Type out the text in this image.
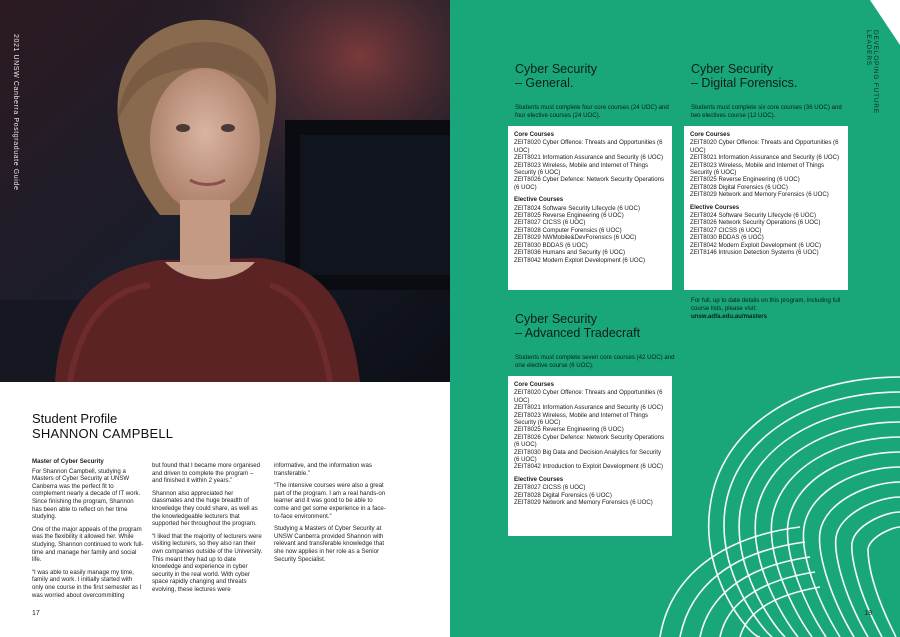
2021 UNSW Canberra Postgraduate Guide
Student Profile
SHANNON CAMPBELL
Master of Cyber Security

For Shannon Campbell, studying a Masters of Cyber Security at UNSW Canberra was the perfect fit to complement nearly a decade of IT work. Since finishing the program, Shannon has been able to reflect on her time studying.

One of the major appeals of the program was the flexibility it allowed her. While studying, Shannon continued to work full-time and manage her family and social life.

“I was able to easily manage my time, family and work. I initially started with only one course in the first semester as I was worried about overcommitting

but found that I became more organised and driven to complete the program – and finished it within 2 years.”

Shannon also appreciated her classmates and the huge breadth of knowledge they could share, as well as the knowledgeable lecturers that supported her throughout the program.

“I liked that the majority of lecturers were visiting lecturers, so they also ran their own companies outside of the University. This meant they had up to date knowledge and experience in cyber security in the real world. With cyber space rapidly changing and threats evolving, these lectures were

informative, and the information was transferable.”

“The intensive courses were also a great part of the program. I am a real hands-on learner and it was good to be able to come and get some experience in a face-to-face environment.”

Studying a Masters of Cyber Security at UNSW Canberra provided Shannon with relevant and transferable knowledge that she now applies in her role as a Senior Security Specialist.

17
DEVELOPING FUTURE LEADERS
Cyber Security
– General.
Students must complete four core courses (24 UOC) and four elective courses (24 UOC).
Core Courses
ZEIT8020 Cyber Offence: Threats and Opportunities (6 UOC)
ZEIT8021 Information Assurance and Security (6 UOC)
ZEIT8023 Wireless, Mobile and Internet of Things Security (6 UOC)
ZEIT8026 Cyber Defence: Network Security Operations (6 UOC)
Elective Courses
ZEIT8024 Software Security Lifecycle (6 UOC)
ZEIT8025 Reverse Engineering (6 UOC)
ZEIT8027 CICSS (6 UOC)
ZEIT8028 Computer Forensics (6 UOC)
ZEIT8029 NWMobile&DevForensics (6 UOC)
ZEIT8030 BDDAS (6 UOC)
ZEIT8036 Humans and Security (6 UOC)
ZEIT8042 Modern Exploit Development (6 UOC)
Cyber Security
– Digital Forensics.
Students must complete six core courses (36 UOC) and two electives course (12 UOC).
Core Courses
ZEIT8020 Cyber Offence: Threats and Opportunities (6 UOC)
ZEIT8021 Information Assurance and Security (6 UOC)
ZEIT8023 Wireless, Mobile and Internet of Things Security (6 UOC)
ZEIT8025 Reverse Engineering (6 UOC)
ZEIT8028 Digital Forensics (6 UOC)
ZEIT8029 Network and Memory Forensics (6 UOC)
Elective Courses
ZEIT8024 Software Security Lifecycle (6 UOC)
ZEIT8026 Network Security Operations (6 UOC)
ZEIT8027 CICSS (6 UOC)
ZEIT8030 BDDAS (6 UOC)
ZEIT8042 Modern Exploit Development (6 UOC)
ZEIT8146 Intrusion Detection Systems (6 UOC)
For full, up to date details on this program, including full course lists, please visit:
unsw.adfa.edu.au/masters
Cyber Security
– Advanced Tradecraft
Students must complete seven core courses (42 UOC) and one elective course (6 UOC).
Core Courses
ZEIT8020 Cyber Offence: Threats and Opportunities (6 UOC)
ZEIT8021 Information Assurance and Security (6 UOC)
ZEIT8023 Wireless, Mobile and Internet of Things Security (6 UOC)
ZEIT8025 Reverse Engineering (6 UOC)
ZEIT8026 Cyber Defence: Network Security Operations (6 UOC)
ZEIT8030 Big Data and Decision Analytics for Security (6 UOC)
ZEIT8042 Introduction to Exploit Development (6 UOC)
Elective Courses
ZEIT8027 CICSS (6 UOC)
ZEIT8028 Digital Forensics (6 UOC)
ZEIT8029 Network and Memory Forensics (6 UOC)
18
